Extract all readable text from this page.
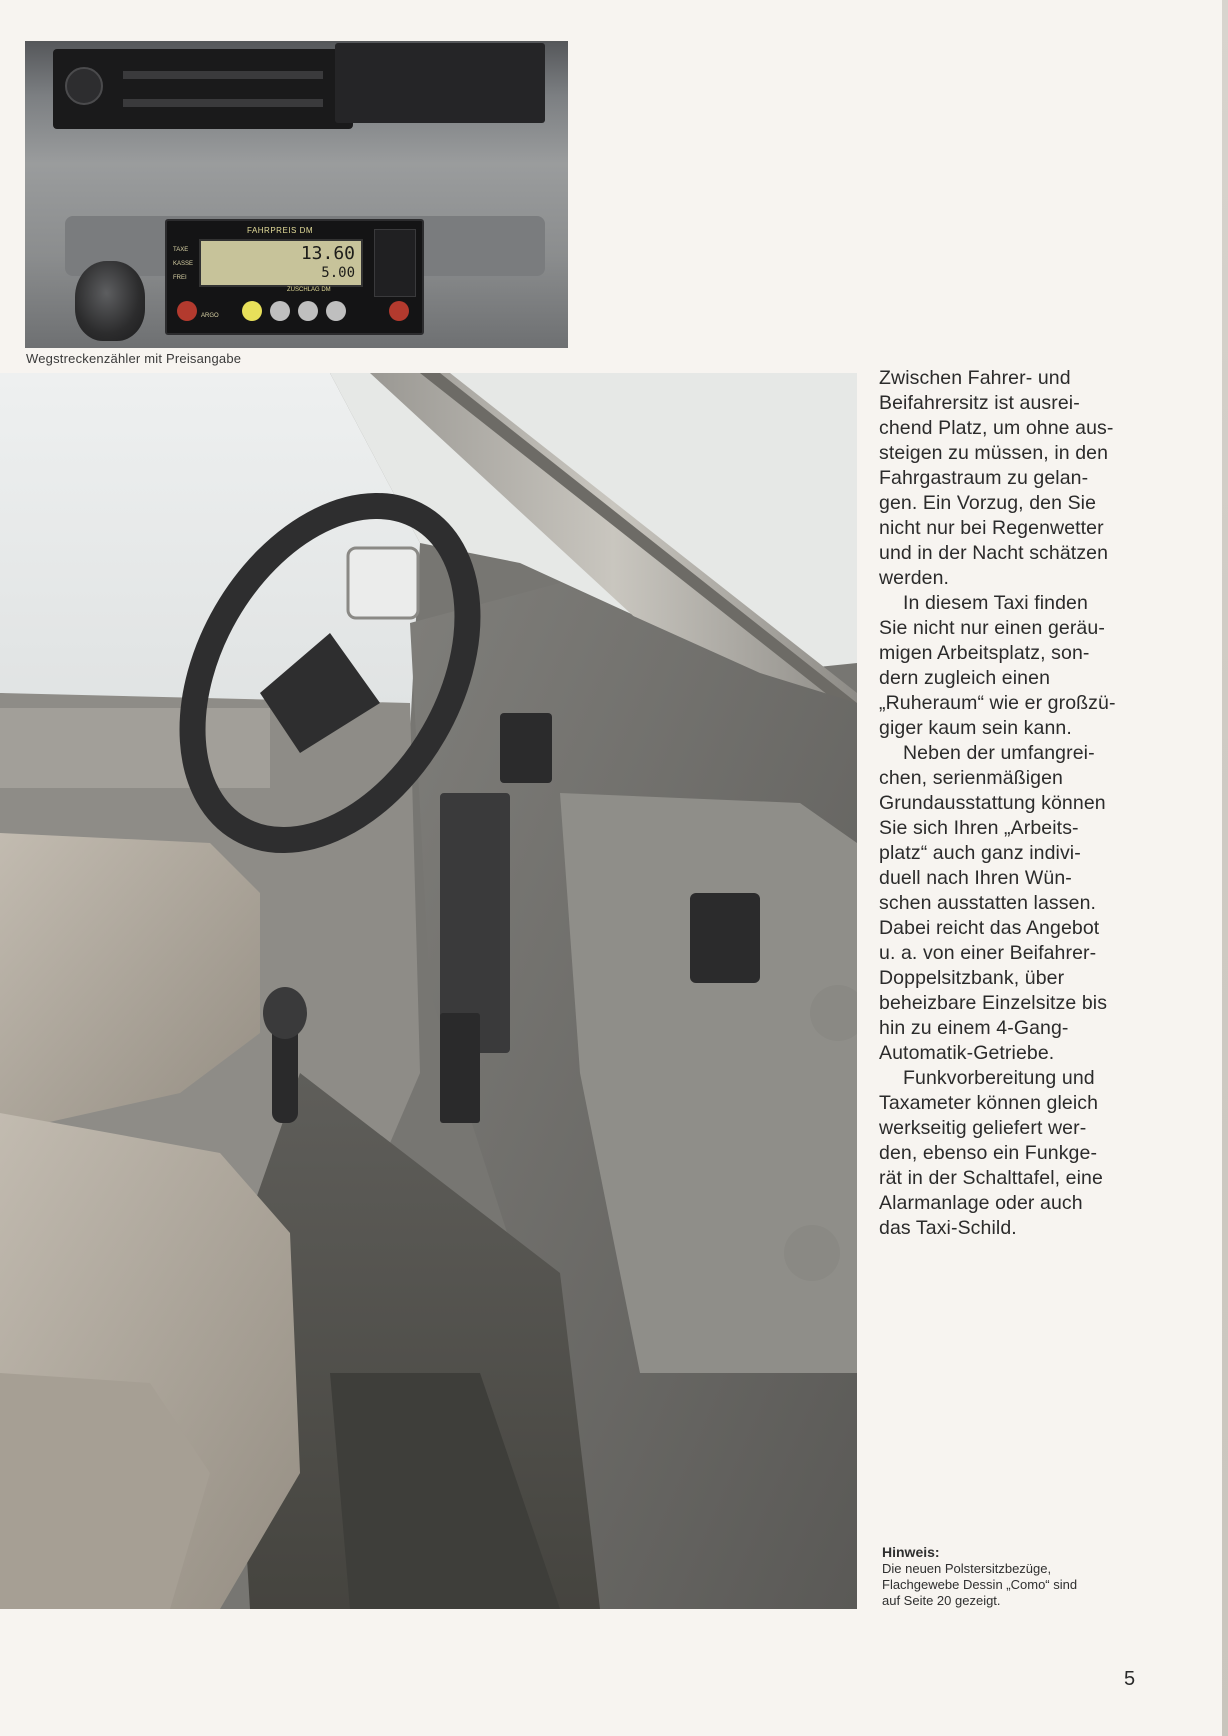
FAHRPREIS DM
TAXE
KASSE
FREI
13.60
5.00
ZUSCHLAG DM
ARGO
Wegstreckenzähler mit Preisangabe

Zwischen Fahrer- und
Beifahrersitz ist ausrei-
chend Platz, um ohne aus-
steigen zu müssen, in den
Fahrgastraum zu gelan-
gen. Ein Vorzug, den Sie
nicht nur bei Regenwetter
und in der Nacht schätzen
werden.

In diesem Taxi finden
Sie nicht nur einen geräu-
migen Arbeitsplatz, son-
dern zugleich einen
„Ruheraum“ wie er großzü-
giger kaum sein kann.

Neben der umfangrei-
chen, serienmäßigen
Grundausstattung können
Sie sich Ihren „Arbeits-
platz“ auch ganz indivi-
duell nach Ihren Wün-
schen ausstatten lassen.
Dabei reicht das Angebot
u. a. von einer Beifahrer-
Doppelsitzbank, über
beheizbare Einzelsitze bis
hin zu einem 4-Gang-
Automatik-Getriebe.

Funkvorbereitung und
Taxameter können gleich
werkseitig geliefert wer-
den, ebenso ein Funkge-
rät in der Schalttafel, eine
Alarmanlage oder auch
das Taxi-Schild.

Hinweis:
Die neuen Polstersitzbezüge,
Flachgewebe Dessin „Como“ sind
auf Seite 20 gezeigt.
5
